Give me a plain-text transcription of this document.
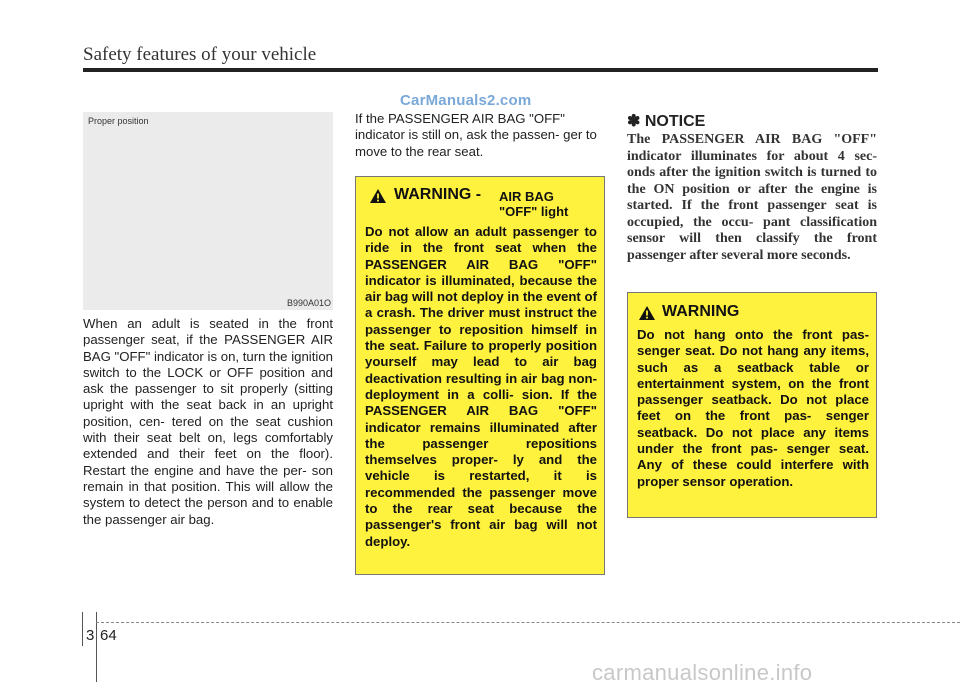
Safety features of your vehicle
CarManuals2.com
Proper position
B990A01O
When an adult is seated in the front passenger seat, if the PASSENGER AIR BAG "OFF" indicator is on, turn the ignition switch to the LOCK or OFF position and ask the passenger to sit properly (sitting upright with the seat back in an upright position, cen- tered on the seat cushion with their seat belt on, legs comfortably extended and their feet on the floor). Restart the engine and have the per- son remain in that position. This will allow the system to detect the person and to enable the passenger air bag.
If the PASSENGER AIR BAG "OFF" indicator is still on, ask the passen- ger to move to the rear seat.
WARNING - AIR BAG
"OFF" light
Do not allow an adult passenger to ride in the front seat when the PASSENGER AIR BAG "OFF" indicator is illuminated, because the air bag will not deploy in the event of a crash. The driver must instruct the passenger to reposition himself in the seat. Failure to properly position yourself may lead to air bag deactivation resulting in air bag non-deployment in a colli- sion. If the PASSENGER AIR BAG "OFF" indicator remains illuminated after the passenger repositions themselves proper- ly and the vehicle is restarted, it is recommended the passenger move to the rear seat because the passenger's front air bag will not deploy.
✽ NOTICE
The PASSENGER AIR BAG "OFF" indicator illuminates for about 4 sec- onds after the ignition switch is turned to the ON position or after the engine is started. If the front passenger seat is occupied, the occu- pant classification sensor will then classify the front passenger after several more seconds.
WARNING
Do not hang onto the front pas- senger seat. Do not hang any items, such as a seatback table or entertainment system, on the front passenger seatback. Do not place feet on the front pas- senger seatback. Do not place any items under the front pas- senger seat. Any of these could interfere with proper sensor operation.
3 64
carmanualsonline.info
